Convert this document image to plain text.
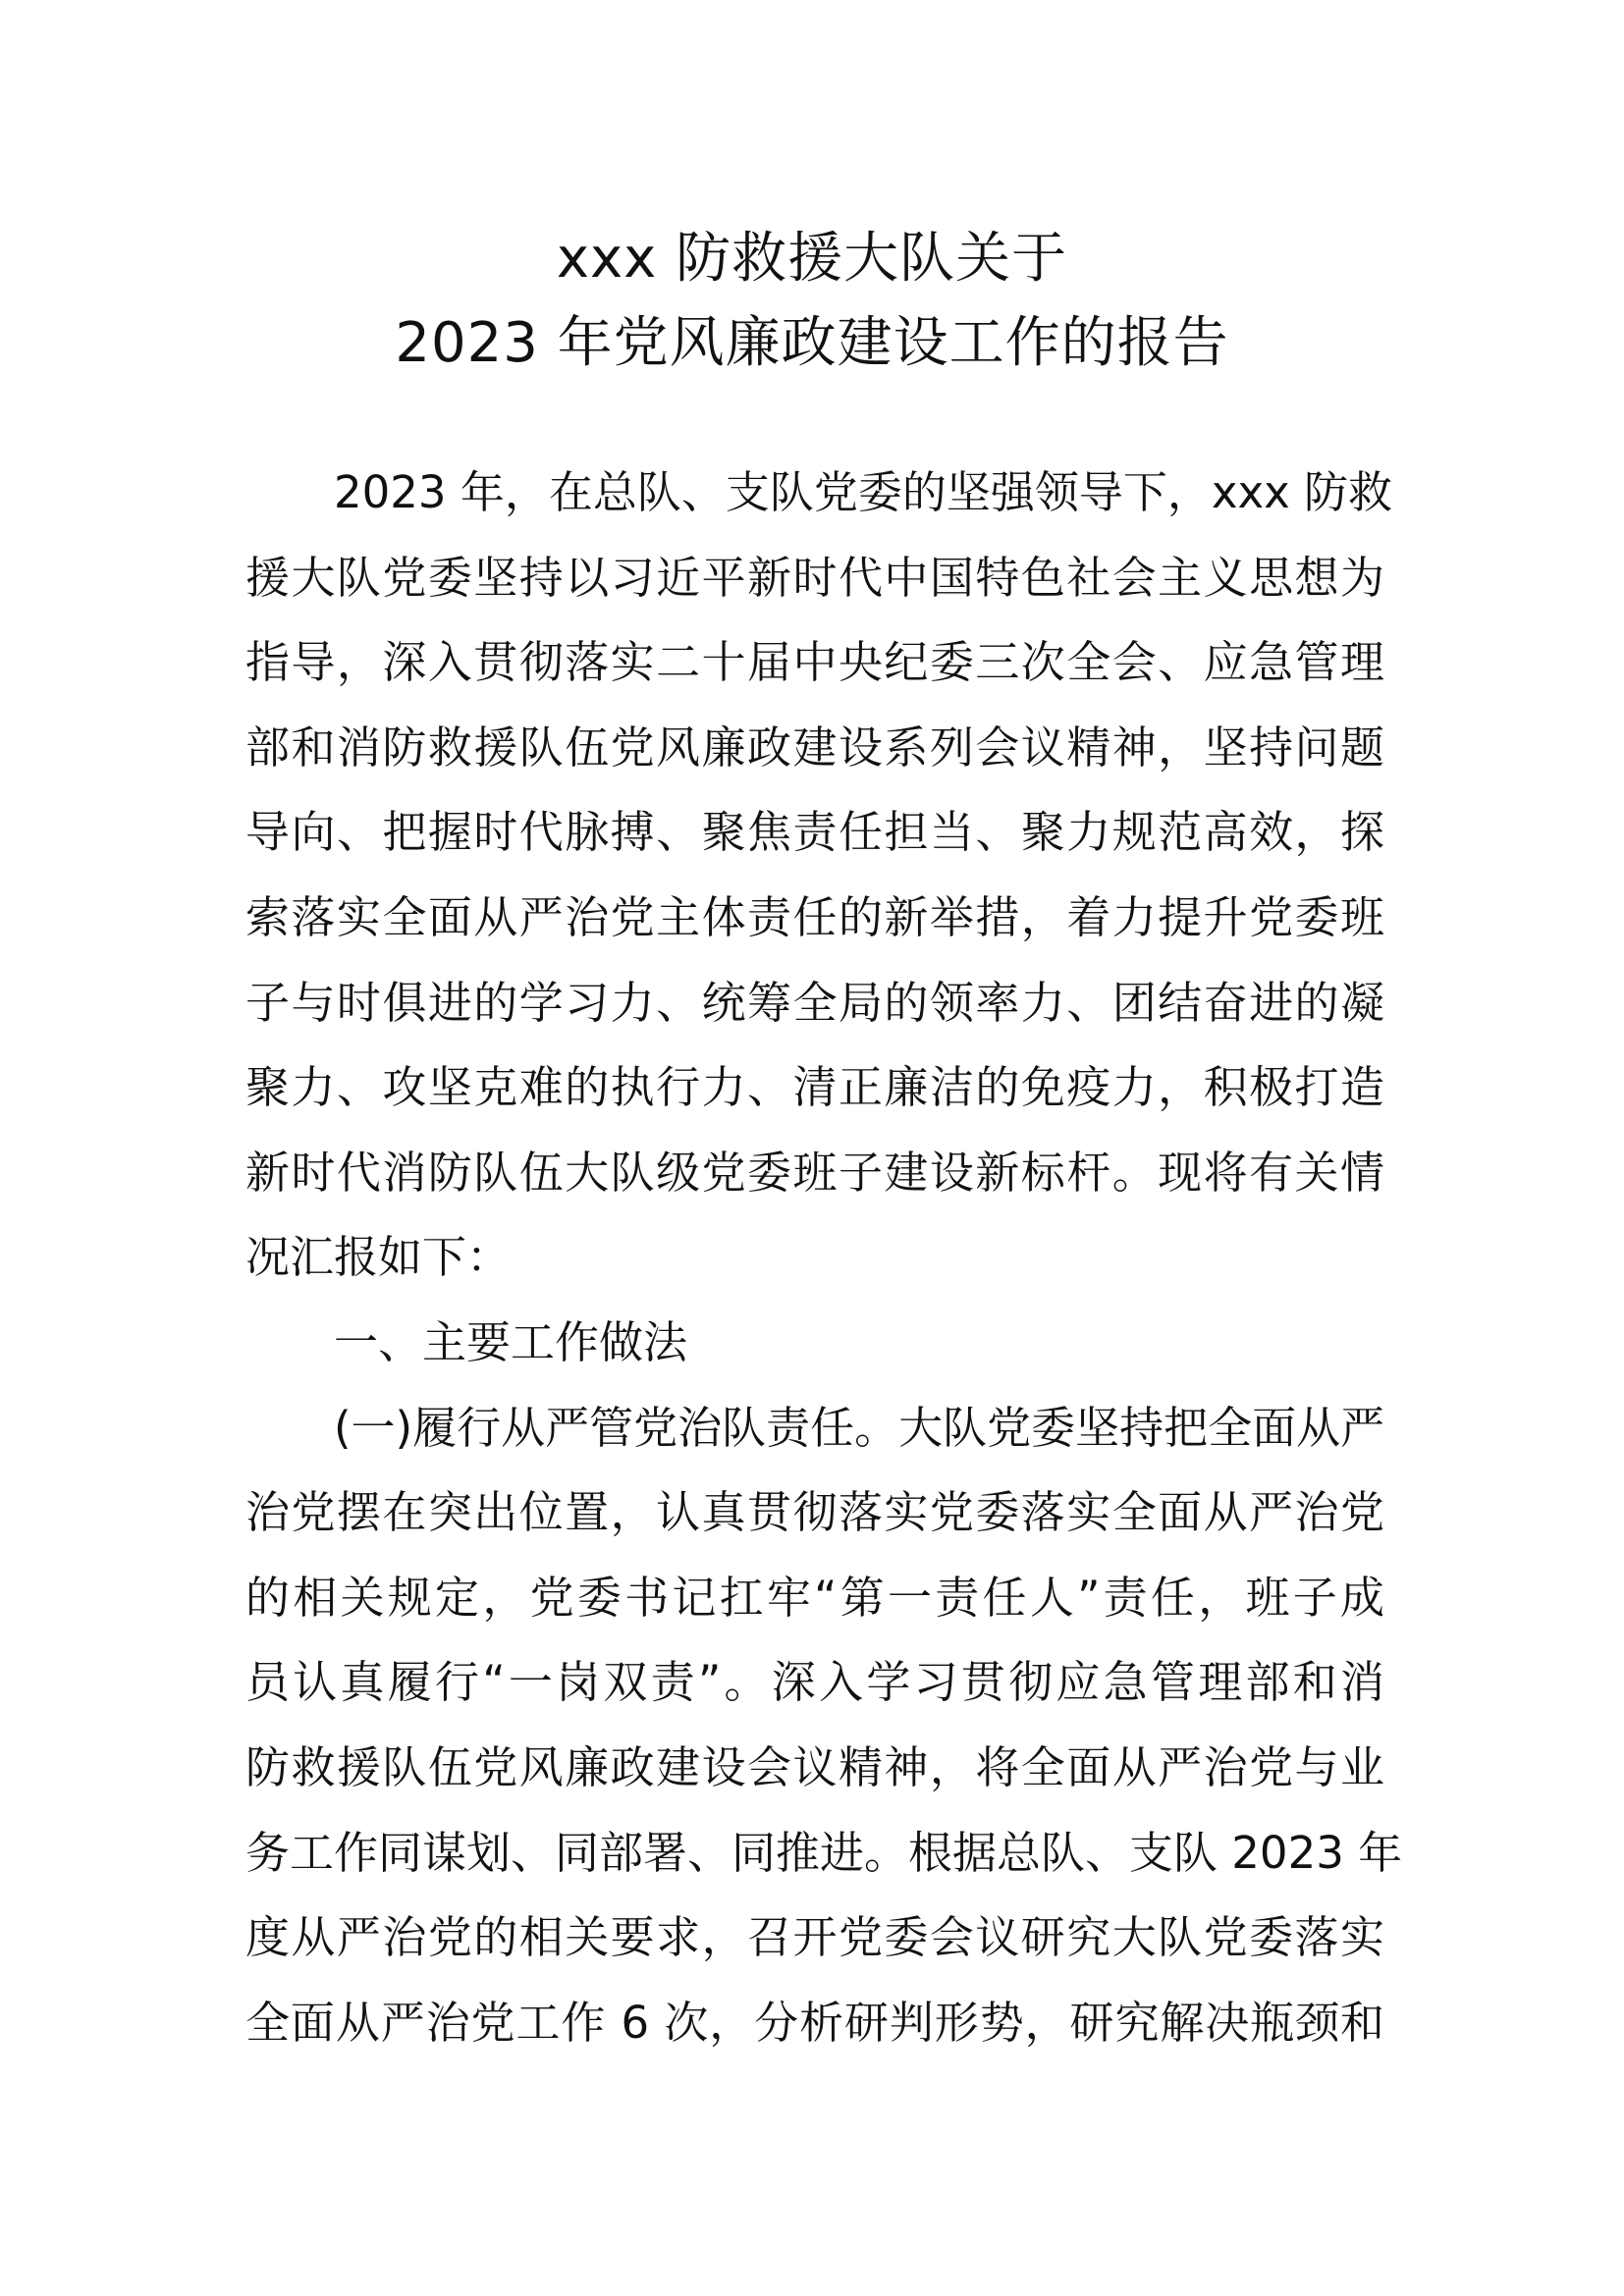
xxx 防救援大队关于
2023 年党风廉政建设工作的报告
2023 年，在总队、支队党委的坚强领导下，xxx 防救
援大队党委坚持以习近平新时代中国特色社会主义思想为
指导，深入贯彻落实二十届中央纪委三次全会、应急管理
部和消防救援队伍党风廉政建设系列会议精神，坚持问题
导向、把握时代脉搏、聚焦责任担当、聚力规范高效，探
索落实全面从严治党主体责任的新举措，着力提升党委班
子与时俱进的学习力、统筹全局的领率力、团结奋进的凝
聚力、攻坚克难的执行力、清正廉洁的免疫力，积极打造
新时代消防队伍大队级党委班子建设新标杆。现将有关情
况汇报如下：
一、主要工作做法
(一)履行从严管党治队责任。大队党委坚持把全面从严
治党摆在突出位置，认真贯彻落实党委落实全面从严治党
的相关规定，党委书记扛牢“第一责任人”责任，班子成
员认真履行“一岗双责”。深入学习贯彻应急管理部和消
防救援队伍党风廉政建设会议精神，将全面从严治党与业
务工作同谋划、同部署、同推进。根据总队、支队 2023 年
度从严治党的相关要求，召开党委会议研究大队党委落实
全面从严治党工作 6 次，分析研判形势，研究解决瓶颈和
